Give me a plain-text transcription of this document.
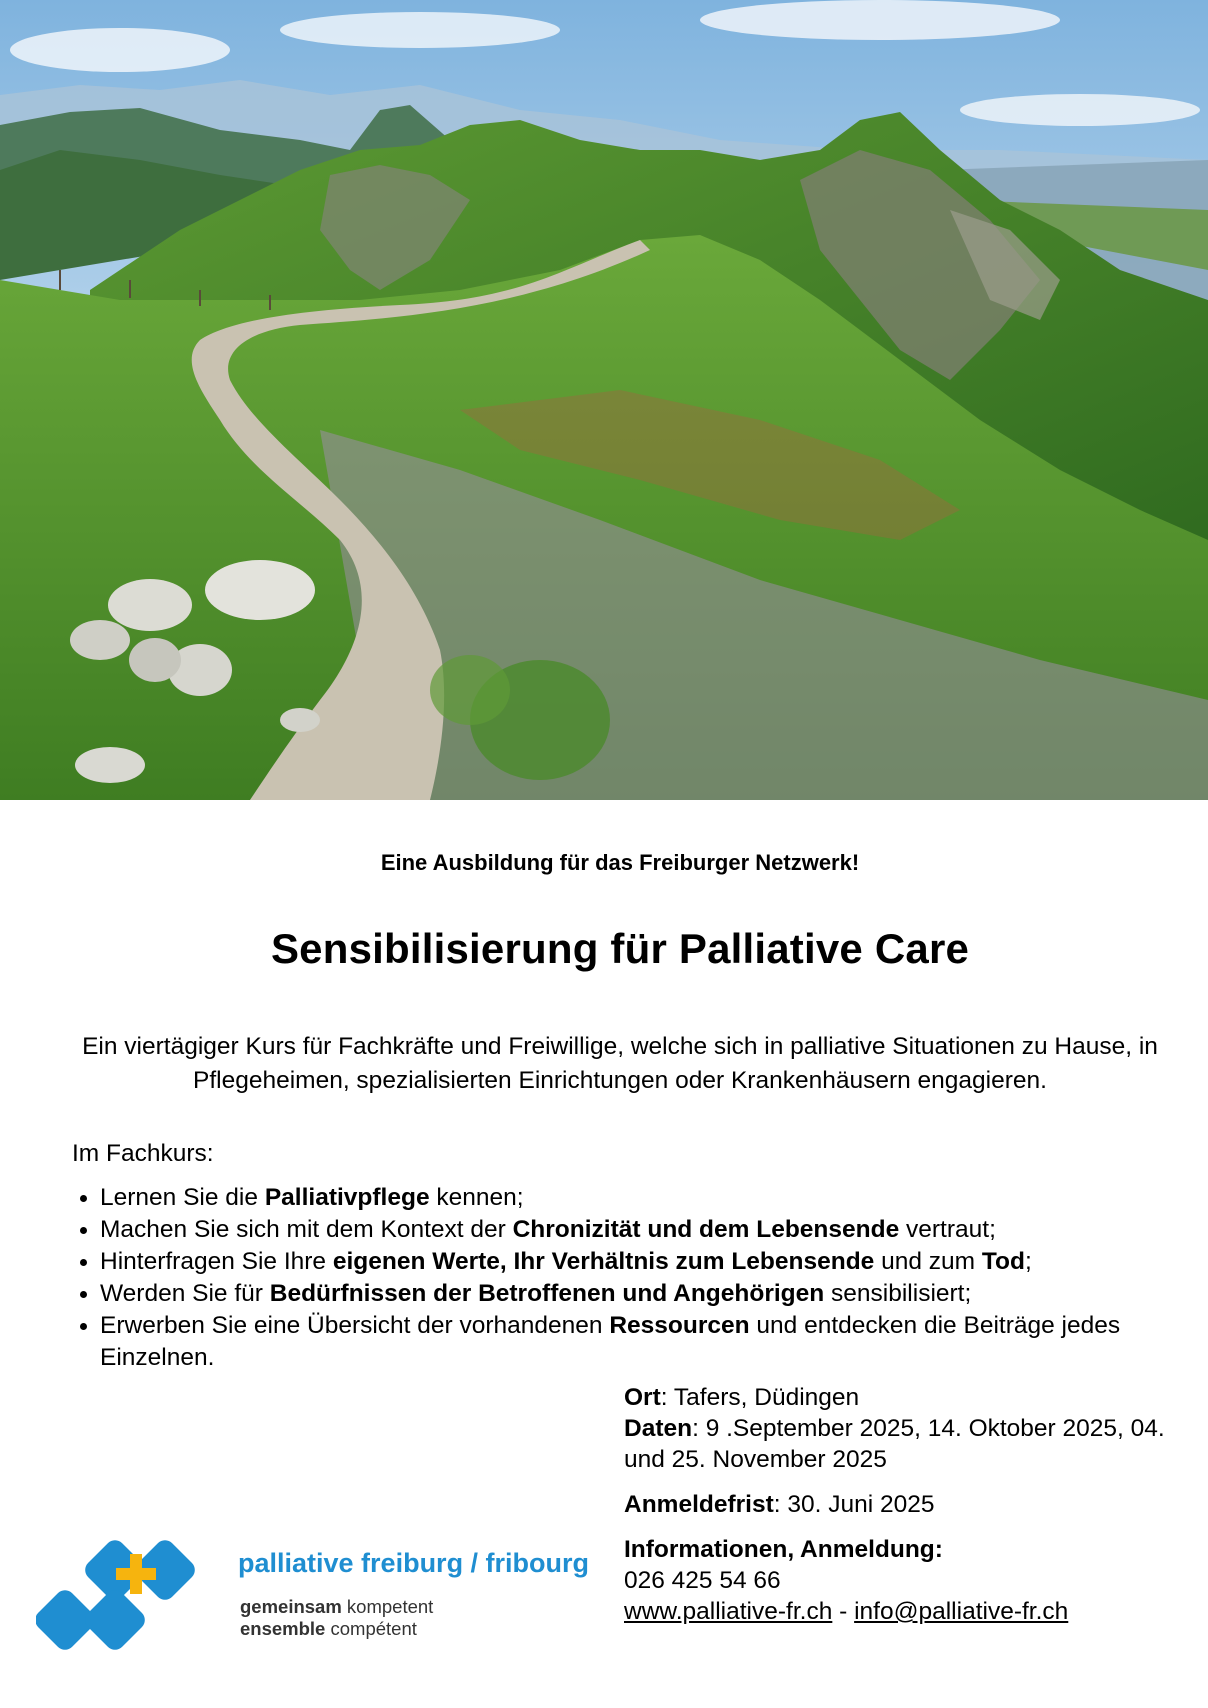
Eine Ausbildung für das Freiburger Netzwerk!
Sensibilisierung für Palliative Care
Ein viertägiger Kurs für Fachkräfte und Freiwillige, welche sich in palliative Situationen zu Hause, in Pflegeheimen, spezialisierten Einrichtungen oder Krankenhäusern engagieren.
Im Fachkurs:
Lernen Sie die Palliativpflege kennen;
Machen Sie sich mit dem Kontext der Chronizität und dem Lebensende vertraut;
Hinterfragen Sie Ihre eigenen Werte, Ihr Verhältnis zum Lebensende und zum Tod;
Werden Sie für Bedürfnissen der Betroffenen und Angehörigen sensibilisiert;
Erwerben Sie eine Übersicht der vorhandenen Ressourcen und entdecken die Beiträge jedes Einzelnen.

Ort: Tafers, Düdingen

Daten: 9 .September 2025, 14. Oktober 2025, 04. und 25. November 2025

Anmeldefrist: 30. Juni 2025

Informationen, Anmeldung:

026 425 54 66

www.palliative-fr.ch - info@palliative-fr.ch

palliative freiburg / fribourg
gemeinsam kompetent
ensemble compétent
